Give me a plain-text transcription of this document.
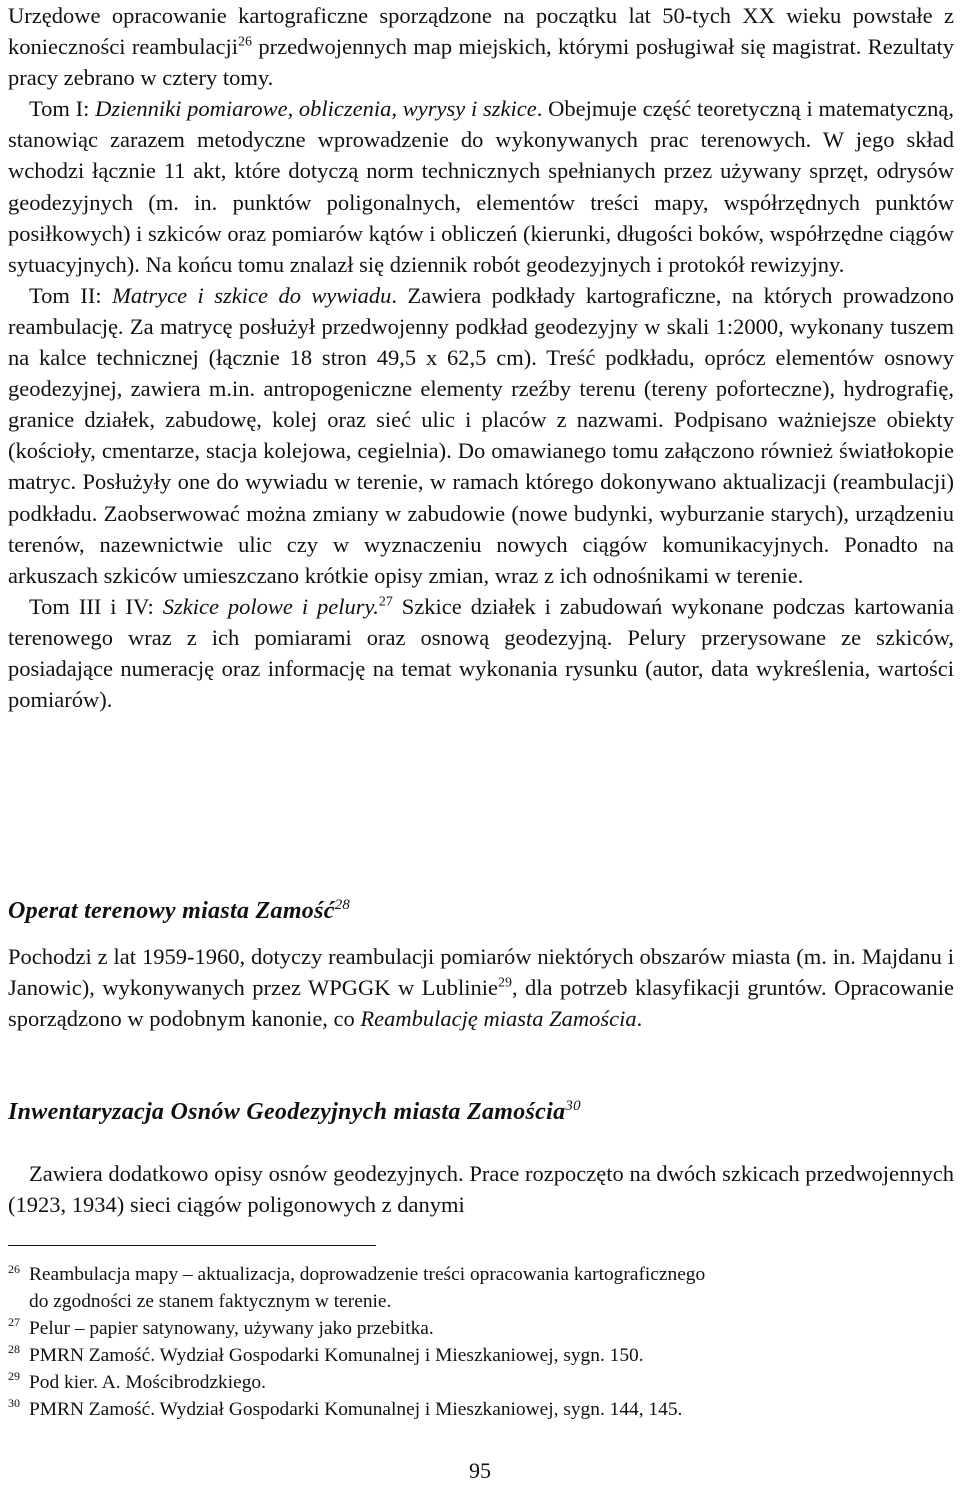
Urzędowe opracowanie kartograficzne sporządzone na początku lat 50-tych XX wieku powstałe z konieczności reambulacji$^{26}$ przedwojennych map miejskich, którymi posługiwał się magistrat. Rezultaty pracy zebrano w cztery tomy.

Tom I: Dzienniki pomiarowe, obliczenia, wyrysy i szkice. Obejmuje część teoretyczną i matematyczną, stanowiąc zarazem metodyczne wprowadzenie do wykonywanych prac terenowych. W jego skład wchodzi łącznie 11 akt, które dotyczą norm technicznych spełnianych przez używany sprzęt, odrysów geodezyjnych (m. in. punktów poligonalnych, elementów treści mapy, współrzędnych punktów posiłkowych) i szkiców oraz pomiarów kątów i obliczeń (kierunki, długości boków, współrzędne ciągów sytuacyjnych). Na końcu tomu znalazł się dziennik robót geodezyjnych i protokół rewizyjny.

Tom II: Matryce i szkice do wywiadu. Zawiera podkłady kartograficzne, na których prowadzono reambulację. Za matrycę posłużył przedwojenny podkład geodezyjny w skali 1:2000, wykonany tuszem na kalce technicznej (łącznie 18 stron 49,5 x 62,5 cm). Treść podkładu, oprócz elementów osnowy geodezyjnej, zawiera m.in. antropogeniczne elementy rzeźby terenu (tereny pofortеczne), hydrografię, granice działek, zabudowę, kolej oraz sieć ulic i placów z nazwami. Podpisano ważniejsze obiekty (kościoły, cmentarze, stacja kolejowa, cegielnia). Do omawianego tomu załączono również światłokopie matryc. Posłużyły one do wywiadu w terenie, w ramach którego dokonywano aktualizacji (reambulacji) podkładu. Zaobserwować można zmiany w zabudowie (nowe budynki, wyburzanie starych), urządzeniu terenów, nazewnictwie ulic czy w wyznaczeniu nowych ciągów komunikacyjnych. Ponadto na arkuszach szkiców umieszczano krótkie opisy zmian, wraz z ich odnośnikami w terenie.

Tom III i IV: Szkice polowe i pelury.$^{27}$ Szkice działek i zabudowań wykonane podczas kartowania terenowego wraz z ich pomiarami oraz osnową geodezyjną. Pelury przerysowane ze szkiców, posiadające numerację oraz informację na temat wykonania rysunku (autor, data wykreślenia, wartości pomiarów).

Operat terenowy miasta Zamość$^{28}$

Pochodzi z lat 1959-1960, dotyczy reambulacji pomiarów niektórych obszarów miasta (m. in. Majdanu i Janowic), wykonywanych przez WPGGK w Lublinie$^{29}$, dla potrzeb klasyfikacji gruntów. Opracowanie sporządzono w podobnym kanonie, co Reambulację miasta Zamościa.

Inwentaryzacja Osnów Geodezyjnych miasta Zamościa$^{30}$

Zawiera dodatkowo opisy osnów geodezyjnych. Prace rozpoczęto na dwóch szkicach przedwojennych (1923, 1934) sieci ciągów poligonowych z danymi

26 Reambulacja mapy – aktualizacja, doprowadzenie treści opracowania kartograficznego

do zgodności ze stanem faktycznym w terenie.

27 Pelur – papier satynowany, używany jako przebitka.

28 PMRN Zamość. Wydział Gospodarki Komunalnej i Mieszkaniowej, sygn. 150.

29 Pod kier. A. Mościbrodzkiego.

30 PMRN Zamość. Wydział Gospodarki Komunalnej i Mieszkaniowej, sygn. 144, 145.

95
